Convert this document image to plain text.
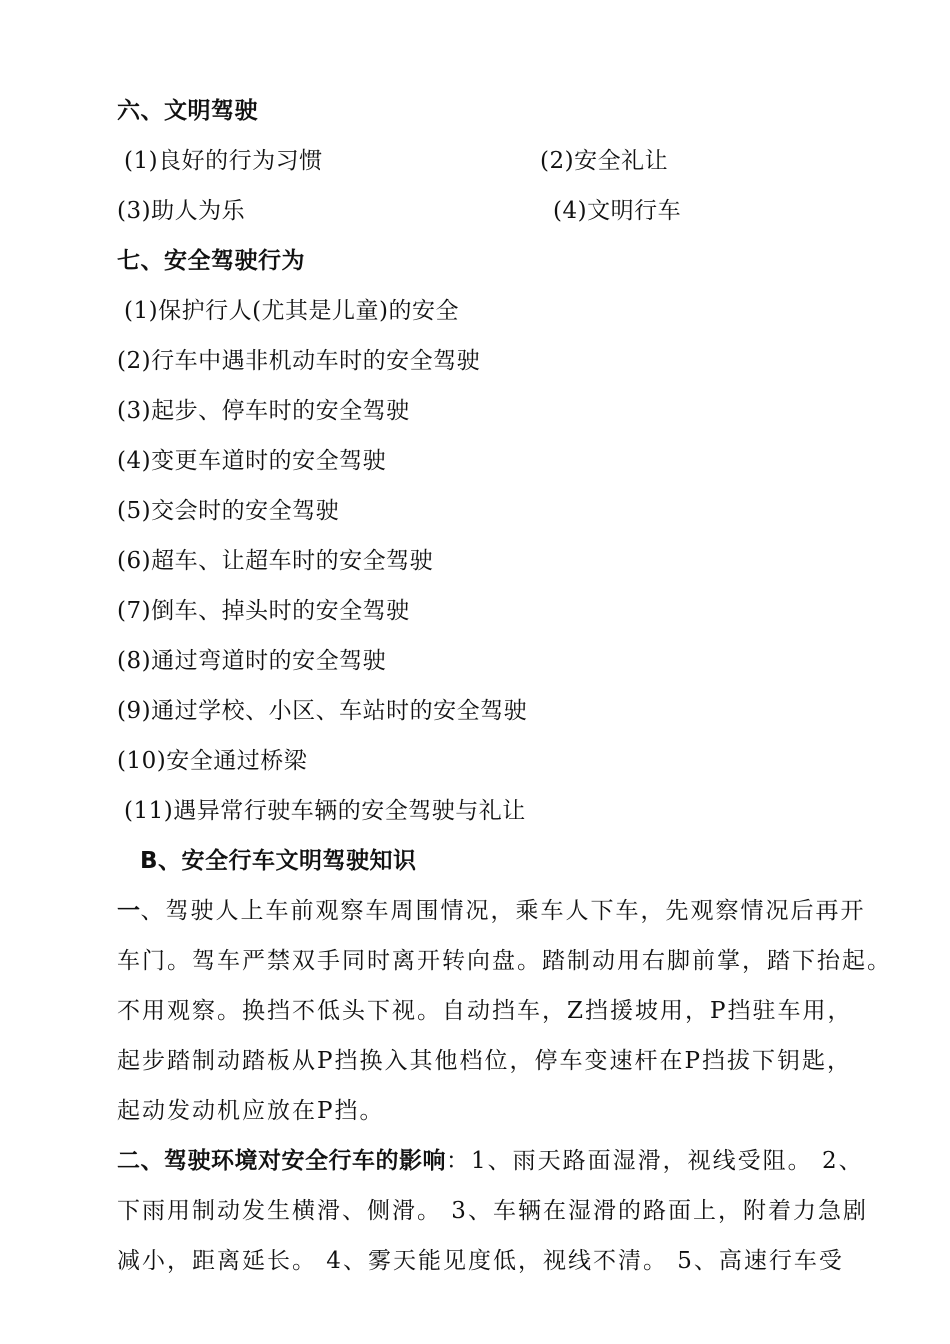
六、文明驾驶
(1)良好的行为习惯	(2)安全礼让
(3)助人为乐	(4)文明行车
七、安全驾驶行为
(1)保护行人(尤其是儿童)的安全
(2)行车中遇非机动车时的安全驾驶
(3)起步、停车时的安全驾驶
(4)变更车道时的安全驾驶
(5)交会时的安全驾驶
(6)超车、让超车时的安全驾驶
(7)倒车、掉头时的安全驾驶
(8)通过弯道时的安全驾驶
(9)通过学校、小区、车站时的安全驾驶
(10)安全通过桥梁
(11)遇异常行驶车辆的安全驾驶与礼让
B、安全行车文明驾驶知识
一、驾驶人上车前观察车周围情况，乘车人下车，先观察情况后再开
车门。驾车严禁双手同时离开转向盘。踏制动用右脚前掌，踏下抬起。
不用观察。换挡不低头下视。自动挡车，Z挡援坡用，P挡驻车用，
起步踏制动踏板从P挡换入其他档位，停车变速杆在P挡拔下钥匙，
起动发动机应放在P挡。
二、驾驶环境对安全行车的影响：1、雨天路面湿滑，视线受阻。 2、
下雨用制动发生横滑、侧滑。 3、车辆在湿滑的路面上，附着力急剧
减小，距离延长。 4、雾天能见度低，视线不清。 5、高速行车受
